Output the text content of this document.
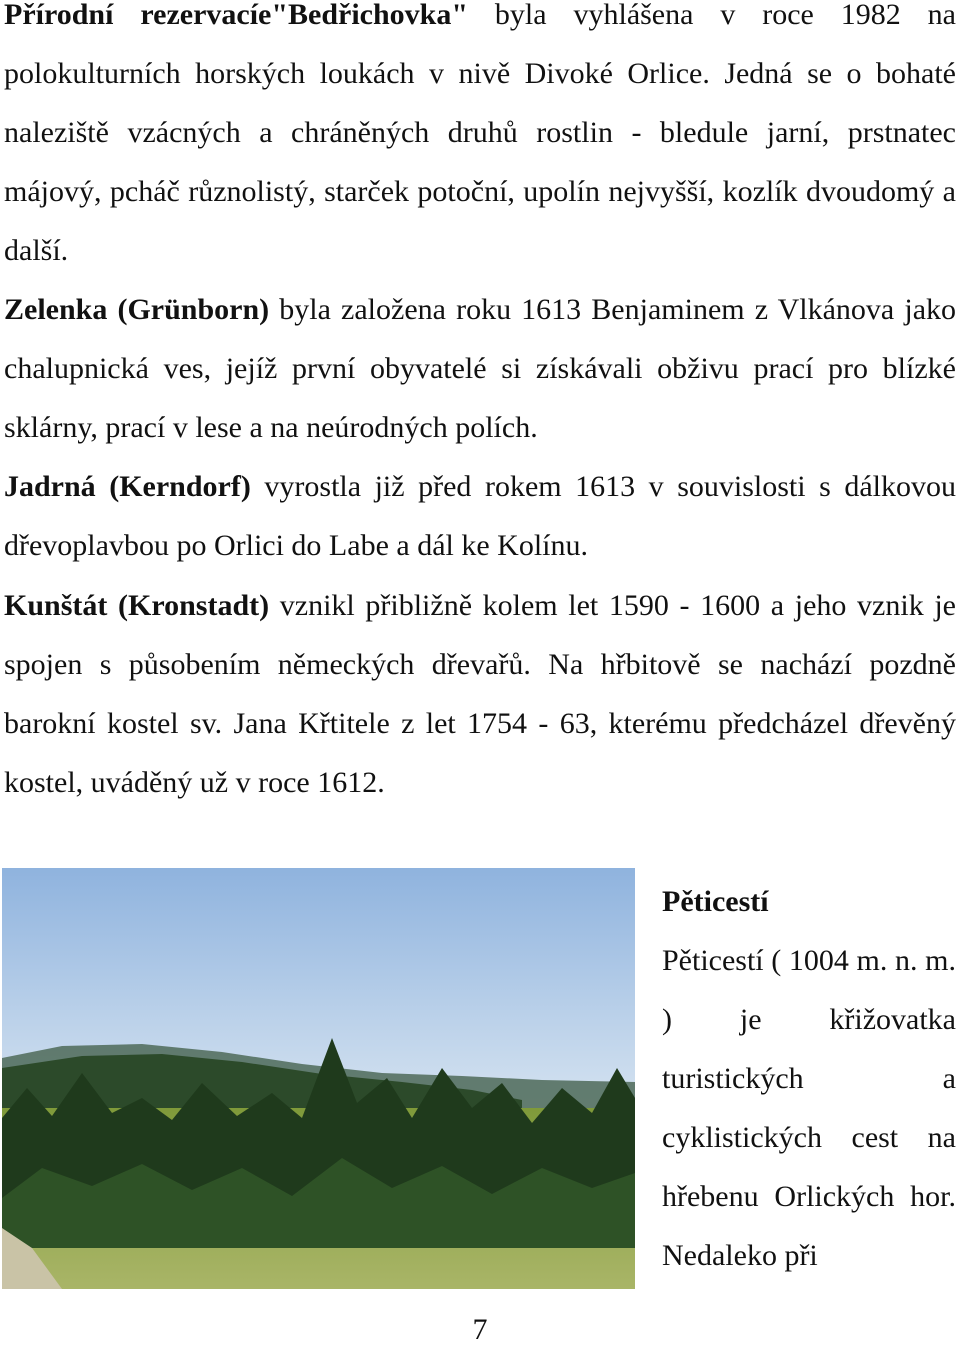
Přírodní rezervacíe"Bedřichovka" byla vyhlášena v roce 1982 na polokulturních horských loukách v nivě Divoké Orlice. Jedná se o bohaté naleziště vzácných a chráněných druhů rostlin - bledule jarní, prstnatec májový, pcháč různolistý, starček potoční, upolín nejvyšší, kozlík dvoudomý a další.

Zelenka (Grünborn) byla založena roku 1613 Benjaminem z Vlkánova jako chalupnická ves, jejíž první obyvatelé si získávali obživu prací pro blízké sklárny, prací v lese a na neúrodných polích.

Jadrná (Kerndorf) vyrostla již před rokem 1613 v souvislosti s dálkovou dřevoplavbou po Orlici do Labe a dál ke Kolínu.

Kunštát (Kronstadt) vznikl přibližně kolem let 1590 - 1600 a jeho vznik je spojen s působením německých dřevařů. Na hřbitově se nachází pozdně barokní kostel sv. Jana Křtitele z let 1754 - 63, kterému předcházel dřevěný kostel, uváděný už v roce 1612.

Pěticestí

Pěticestí ( 1004 m. n. m. ) je křižovatka turistických a cyklistických cest na hřebenu Orlických hor. Nedaleko při

7
